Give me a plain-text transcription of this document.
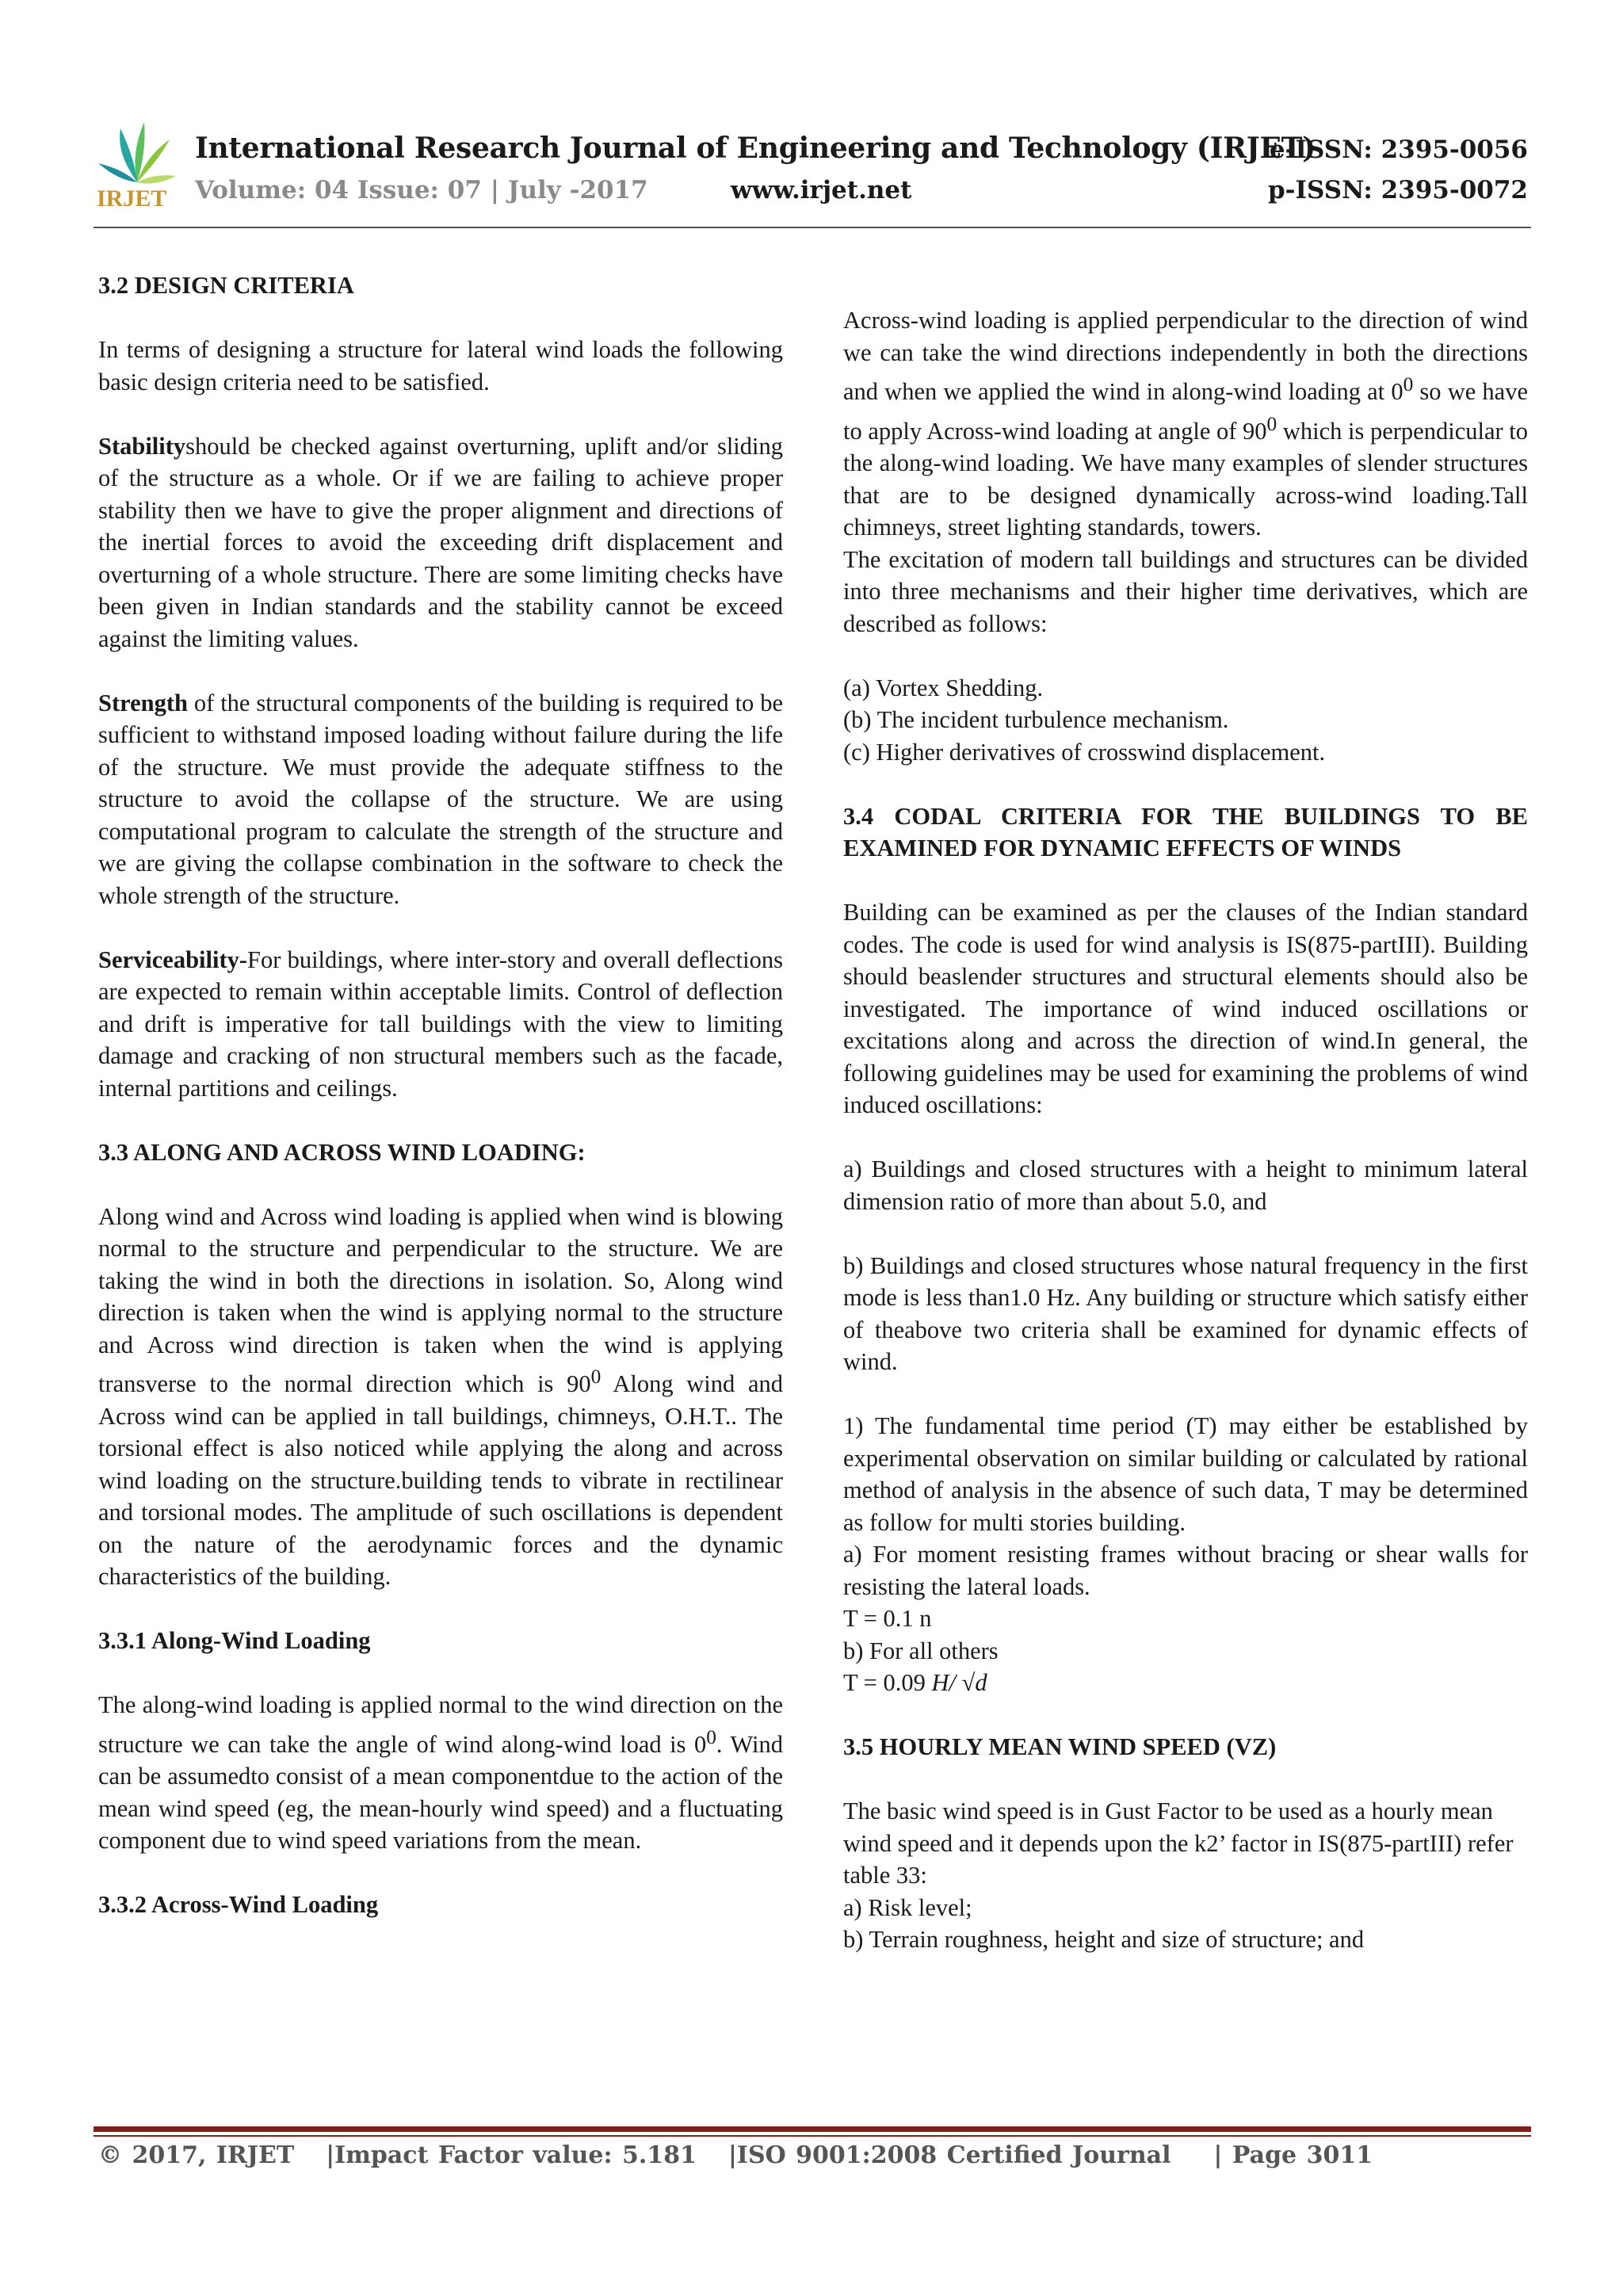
IRJET
International Research Journal of Engineering and Technology (IRJET)
Volume: 04 Issue: 07 | July -2017	www.irjet.net
e-ISSN: 2395-0056
p-ISSN: 2395-0072
3.2 DESIGN CRITERIA

In terms of designing a structure for lateral wind loads the following basic design criteria need to be satisfied.

Stabilityshould be checked against overturning, uplift and/or sliding of the structure as a whole. Or if we are failing to achieve proper stability then we have to give the proper alignment and directions of the inertial forces to avoid the exceeding drift displacement and overturning of a whole structure. There are some limiting checks have been given in Indian standards and the stability cannot be exceed against the limiting values.

Strength of the structural components of the building is required to be sufficient to withstand imposed loading without failure during the life of the structure. We must provide the adequate stiffness to the structure to avoid the collapse of the structure. We are using computational program to calculate the strength of the structure and we are giving the collapse combination in the software to check the whole strength of the structure.

Serviceability-For buildings, where inter-story and overall deflections are expected to remain within acceptable limits. Control of deflection and drift is imperative for tall buildings with the view to limiting damage and cracking of non structural members such as the facade, internal partitions and ceilings.

3.3 ALONG AND ACROSS WIND LOADING:

Along wind and Across wind loading is applied when wind is blowing normal to the structure and perpendicular to the structure. We are taking the wind in both the directions in isolation. So, Along wind direction is taken when the wind is applying normal to the structure and Across wind direction is taken when the wind is applying transverse to the normal direction which is $90^0$ Along wind and Across wind can be applied in tall buildings, chimneys, O.H.T.. The torsional effect is also noticed while applying the along and across wind loading on the structure.building tends to vibrate in rectilinear and torsional modes. The amplitude of such oscillations is dependent on the nature of the aerodynamic forces and the dynamic characteristics of the building.

3.3.1 Along-Wind Loading

The along-wind loading is applied normal to the wind direction on the structure we can take the angle of wind along-wind load is $0^0$. Wind can be assumedto consist of a mean componentdue to the action of the mean wind speed (eg, the mean-hourly wind speed) and a fluctuating component due to wind speed variations from the mean.

3.3.2 Across-Wind Loading

Across-wind loading is applied perpendicular to the direction of wind we can take the wind directions independently in both the directions and when we applied the wind in along-wind loading at $0^0$ so we have to apply Across-wind loading at angle of $90^0$ which is perpendicular to the along-wind loading. We have many examples of slender structures that are to be designed dynamically across-wind loading.Tall chimneys, street lighting standards, towers.

The excitation of modern tall buildings and structures can be divided into three mechanisms and their higher time derivatives, which are described as follows:

(a) Vortex Shedding.

(b) The incident turbulence mechanism.

(c) Higher derivatives of crosswind displacement.

3.4 CODAL CRITERIA FOR THE BUILDINGS TO BE EXAMINED FOR DYNAMIC EFFECTS OF WINDS

Building can be examined as per the clauses of the Indian standard codes. The code is used for wind analysis is IS(875-partIII). Building should beaslender structures and structural elements should also be investigated. The importance of wind induced oscillations or excitations along and across the direction of wind.In general, the following guidelines may be used for examining the problems of wind induced oscillations:

a) Buildings and closed structures with a height to minimum lateral dimension ratio of more than about 5.0, and

b) Buildings and closed structures whose natural frequency in the first mode is less than1.0 Hz. Any building or structure which satisfy either of theabove two criteria shall be examined for dynamic effects of wind.

1) The fundamental time period (T) may either be established by experimental observation on similar building or calculated by rational method of analysis in the absence of such data, T may be determined as follow for multi stories building.

a) For moment resisting frames without bracing or shear walls for resisting the lateral loads.

T = 0.1 n

b) For all others

T = 0.09 H/ √d

3.5 HOURLY MEAN WIND SPEED (VZ)

The basic wind speed is in Gust Factor to be used as a hourly mean wind speed and it depends upon the k2’ factor in IS(875-partIII) refer table 33:

a) Risk level;

b) Terrain roughness, height and size of structure; and

© 2017, IRJET |Impact Factor value: 5.181 |ISO 9001:2008 Certified Journal | Page 3011
